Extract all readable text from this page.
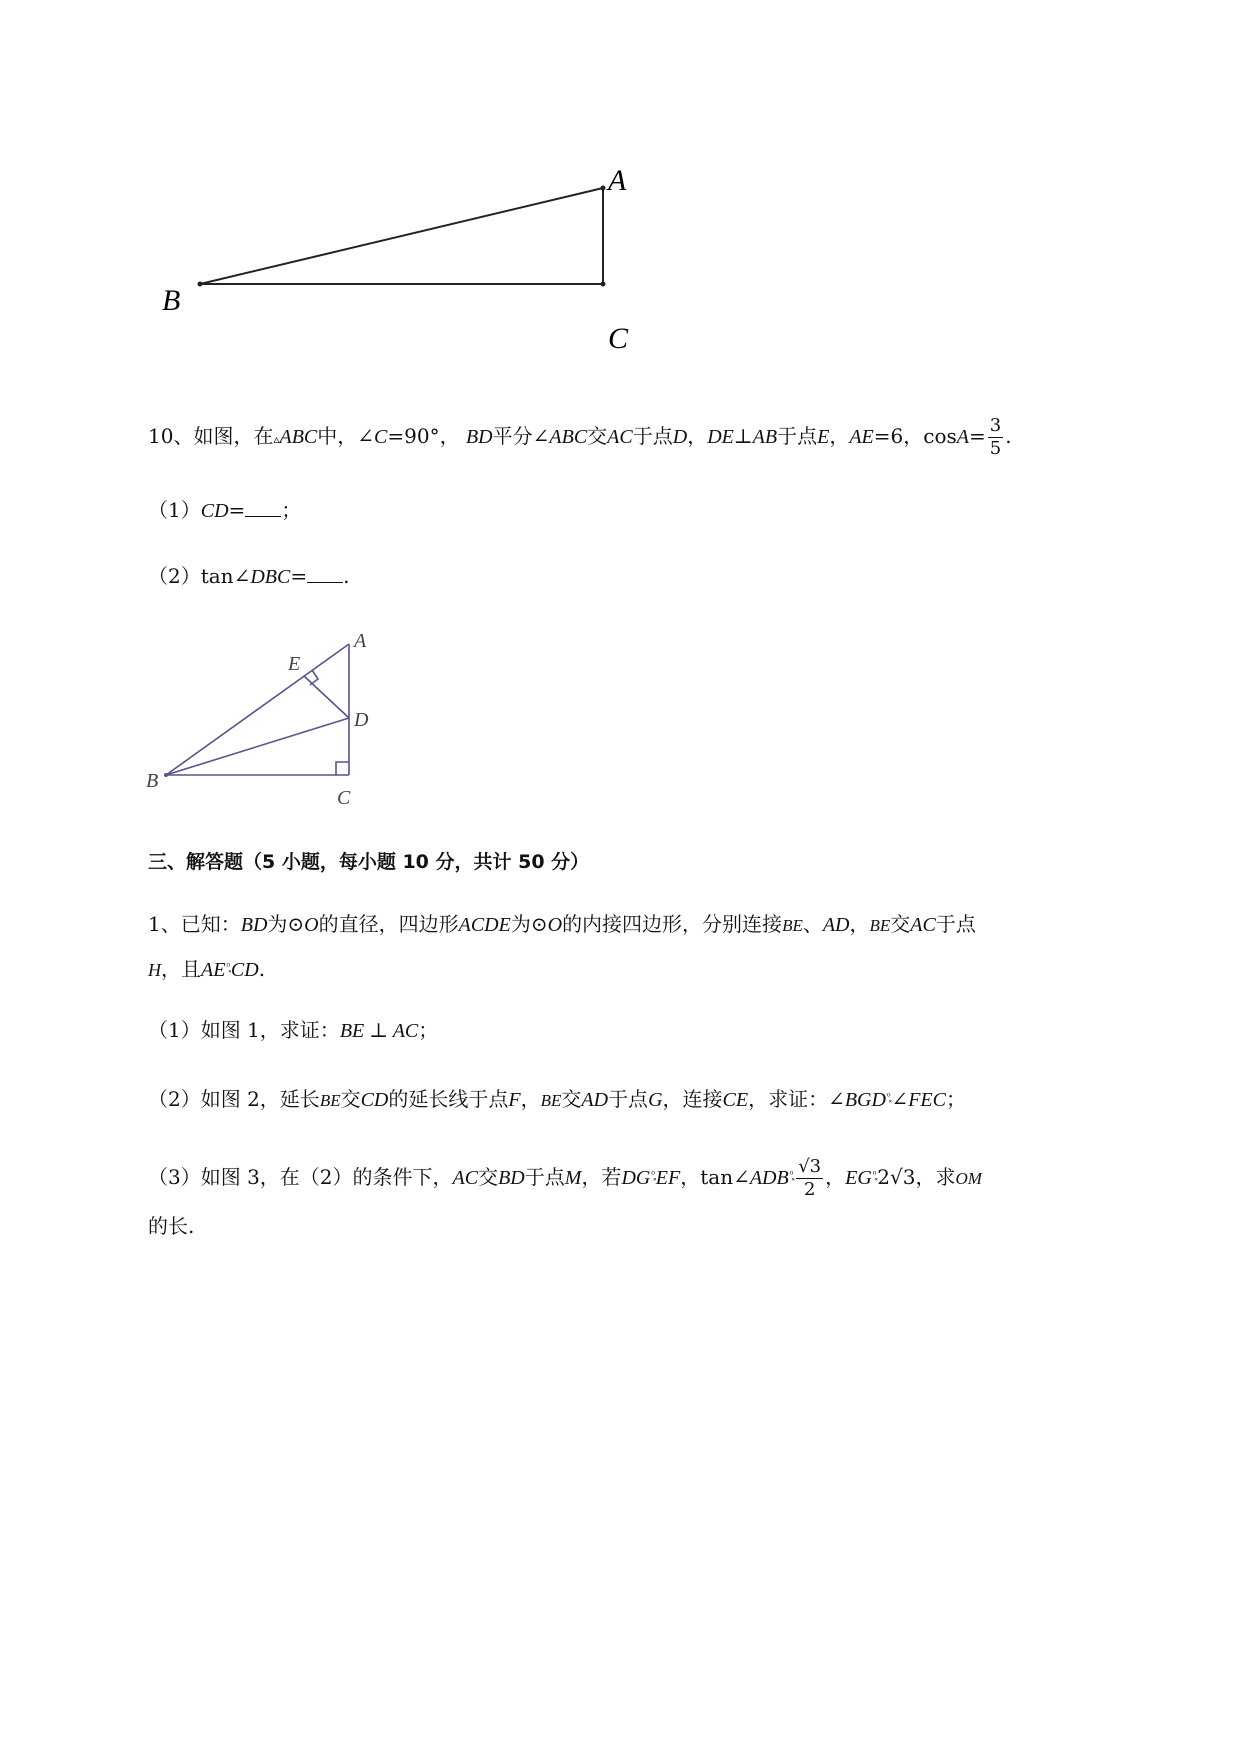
A
B
C
10、如图，在▵ABC中，∠C=90°， BD平分∠ABC交AC于点D，DE⊥AB于点E，AE=6，$\cos A= \frac{3}{5}$ .
（1）CD= ；
（2）tan∠DBC= .
A
E
D
B
C
三、解答题（5 小题，每小题 10 分，共计 50 分）
1、已知：BD为⊙O的直径，四边形ACDE为⊙O的内接四边形，分别连接BE、AD，BE交AC于点
H，且$AE^{ᵒ͓}CD$.
（1）如图 1，求证：BE ⊥ AC；
（2）如图 2，延长BE交CD的延长线于点F，BE交AD于点G，连接CE，求证：$\angle BGD^{ᵒ͓}\angle FEC$；
（3）如图 3，在（2）的条件下，AC交BD于点M，若$DG^{ᵒ͓}EF$，$\tan\angle ADB^{ᵒ͓} \frac{√3}{2}$ ，$EG^{ᵒ͓}2√3$，求OM
的长.
